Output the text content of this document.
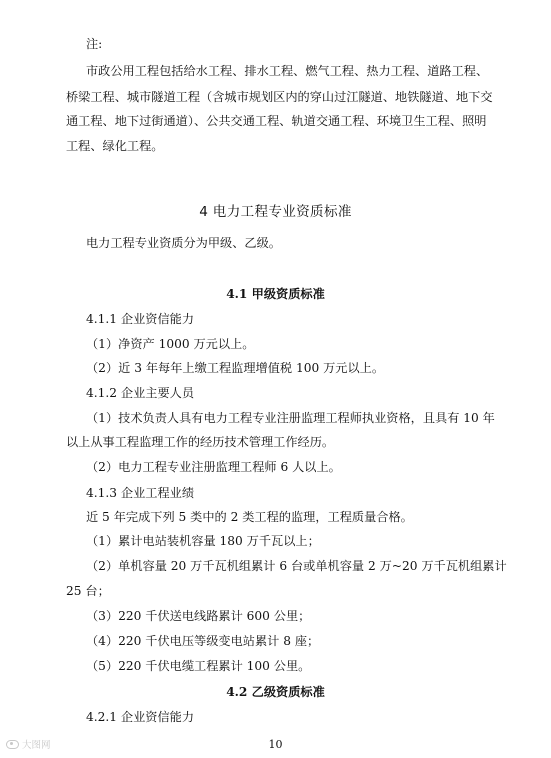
注:
市政公用工程包括给水工程、排水工程、燃气工程、热力工程、道路工程、
桥梁工程、城市隧道工程（含城市规划区内的穿山过江隧道、地铁隧道、地下交
通工程、地下过街通道）、公共交通工程、轨道交通工程、环境卫生工程、照明
工程、绿化工程。
4 电力工程专业资质标准
电力工程专业资质分为甲级、乙级。
4.1 甲级资质标准
4.1.1 企业资信能力
（1）净资产 1000 万元以上。
（2）近 3 年每年上缴工程监理增值税 100 万元以上。
4.1.2 企业主要人员
（1）技术负责人具有电力工程专业注册监理工程师执业资格，且具有 10 年
以上从事工程监理工作的经历技术管理工作经历。
（2）电力工程专业注册监理工程师 6 人以上。
4.1.3 企业工程业绩
近 5 年完成下列 5 类中的 2 类工程的监理，工程质量合格。
（1）累计电站装机容量 180 万千瓦以上；
（2）单机容量 20 万千瓦机组累计 6 台或单机容量 2 万~20 万千瓦机组累计
25 台；
（3）220 千伏送电线路累计 600 公里；
（4）220 千伏电压等级变电站累计 8 座；
（5）220 千伏电缆工程累计 100 公里。
4.2 乙级资质标准
4.2.1 企业资信能力
大图网	10
